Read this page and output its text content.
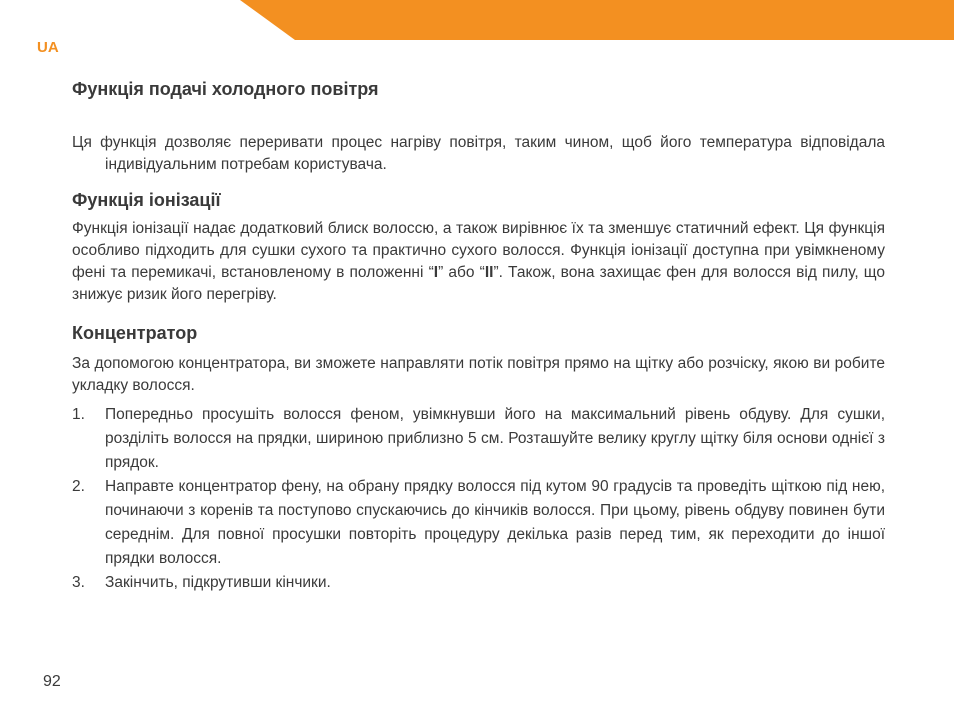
UA
Функція подачі холодного повітря

Ця функція дозволяє переривати процес нагріву повітря, таким чином, щоб його температура відповідала індивідуальним потребам користувача.

Функція іонізації

Функція іонізації надає додатковий блиск волоссю, а також вирівнює їх та зменшує статичний ефект. Ця функція особливо підходить для сушки сухого та практично сухого волосся. Функція іонізації доступна при увімкненому фені та перемикачі, встановленому в положенні “I” або “II”. Також, вона захищає фен для волосся від пилу, що знижує ризик його перегріву.

Концентратор

За допомогою концентратора, ви зможете направляти потік повітря прямо на щітку або розчіску, якою ви робите укладку волосся.

1. Попередньо просушіть волосся феном, увімкнувши його на максимальний рівень обдуву. Для сушки, розділіть волосся на прядки, шириною приблизно 5 см. Розташуйте велику круглу щітку біля основи однієї з прядок.
2. Направте концентратор фену, на обрану прядку волосся під кутом 90 градусів та проведіть щіткою під нею, починаючи з коренів та поступово спускаючись до кінчиків волосся. При цьому, рівень обдуву повинен бути середнім. Для повної просушки повторіть процедуру декілька разів перед тим, як переходити до іншої прядки волосся.
3. Закінчить, підкрутивши кінчики.
92
